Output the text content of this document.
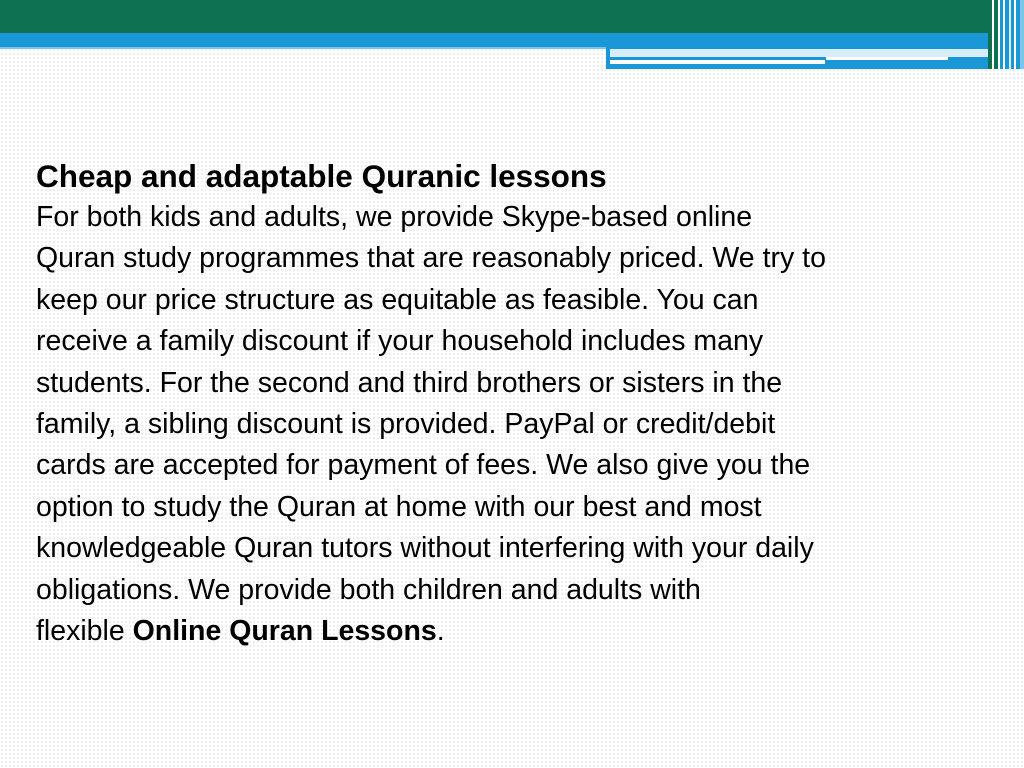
Cheap and adaptable Quranic lessons

For both kids and adults, we provide Skype-based online
Quran study programmes that are reasonably priced. We try to
keep our price structure as equitable as feasible. You can
receive a family discount if your household includes many
students. For the second and third brothers or sisters in the
family, a sibling discount is provided. PayPal or credit/debit
cards are accepted for payment of fees. We also give you the
option to study the Quran at home with our best and most
knowledgeable Quran tutors without interfering with your daily
obligations. We provide both children and adults with
flexible Online Quran Lessons.
